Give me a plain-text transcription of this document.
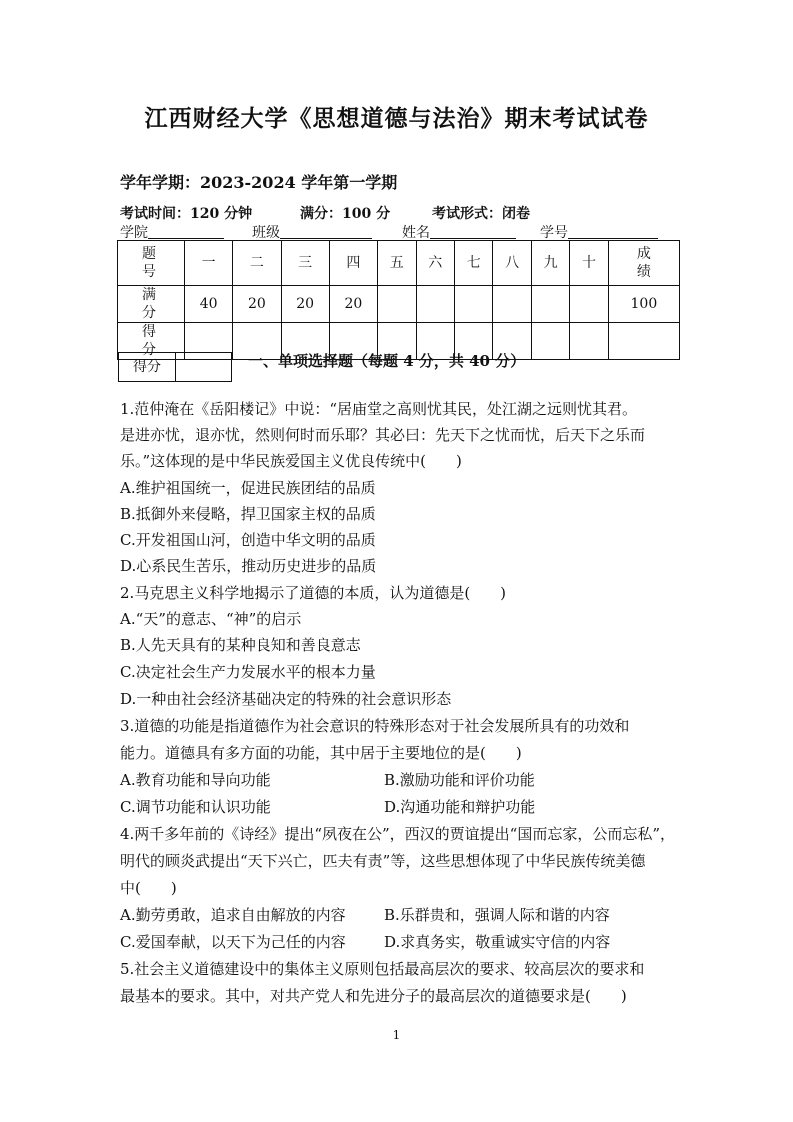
江西财经大学《思想道德与法治》期末考试试卷
学年学期：2023-2024 学年第一学期
考试时间：120 分钟	满分：100 分	考试形式：闭卷
学院	班级	姓名	学号
题 号	一	二	三	四	五	六	七	八	九	十	成
绩
满 分	40	20	20	20							100
得 分											
得分	一、单项选择题（每题 4 分，共 40 分）
1.范仲淹在《岳阳楼记》中说：“居庙堂之高则忧其民，处江湖之远则忧其君。
是进亦忧，退亦忧，然则何时而乐耶？其必曰：先天下之忧而忧，后天下之乐而
乐。”这体现的是中华民族爱国主义优良传统中(　　)
A.维护祖国统一，促进民族团结的品质
B.抵御外来侵略，捍卫国家主权的品质
C.开发祖国山河，创造中华文明的品质
D.心系民生苦乐，推动历史进步的品质
2.马克思主义科学地揭示了道德的本质，认为道德是(　　)
A.“天”的意志、“神”的启示
B.人先天具有的某种良知和善良意志
C.决定社会生产力发展水平的根本力量
D.一种由社会经济基础决定的特殊的社会意识形态
3.道德的功能是指道德作为社会意识的特殊形态对于社会发展所具有的功效和
能力。道德具有多方面的功能，其中居于主要地位的是(　　)
A.教育功能和导向功能	B.激励功能和评价功能
C.调节功能和认识功能	D.沟通功能和辩护功能
4.两千多年前的《诗经》提出“夙夜在公”，西汉的贾谊提出“国而忘家，公而忘私”，
明代的顾炎武提出“天下兴亡，匹夫有责”等，这些思想体现了中华民族传统美德
中(　　)
A.勤劳勇敢，追求自由解放的内容	B.乐群贵和，强调人际和谐的内容
C.爱国奉献，以天下为己任的内容	D.求真务实，敬重诚实守信的内容
5.社会主义道德建设中的集体主义原则包括最高层次的要求、较高层次的要求和
最基本的要求。其中，对共产党人和先进分子的最高层次的道德要求是(　　)
1
